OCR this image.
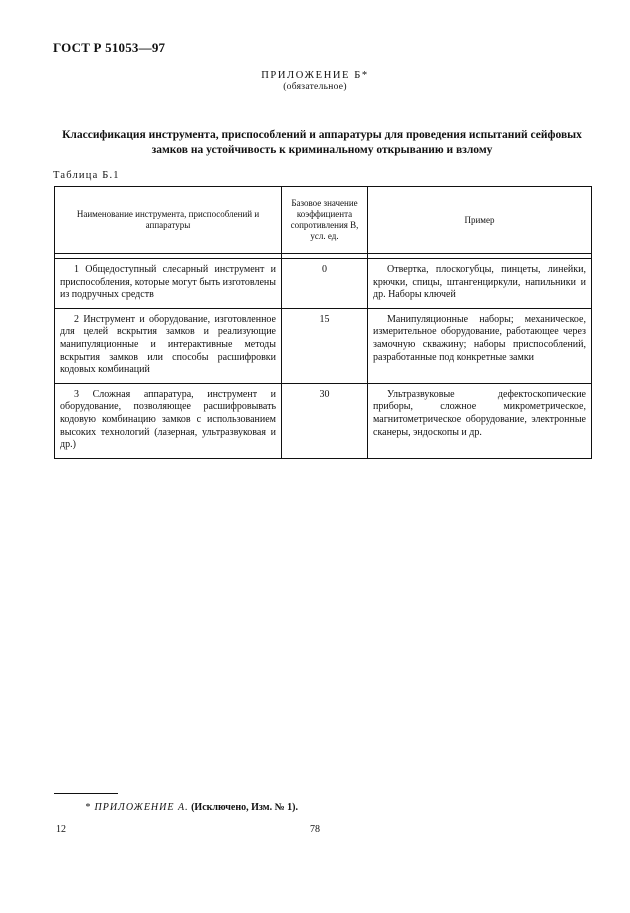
ГОСТ Р 51053—97
ПРИЛОЖЕНИЕ Б*
(обязательное)
Классификация инструмента, приспособлений и аппаратуры для проведения испытаний сейфовых замков на устойчивость к криминальному открыванию и взлому
Таблица Б.1
Наименование инструмента, приспособлений и аппаратуры	Базовое значение коэффициента сопротивления В, усл. ед.	Пример

1 Общедоступный слесарный инструмент и приспособления, которые могут быть изготовлены из подручных средств	0	Отвертка, плоскогубцы, пинцеты, линейки, крючки, спицы, штангенциркули, напильники и др. Наборы ключей
2 Инструмент и оборудование, изготовленное для целей вскрытия замков и реализующие манипуляционные и интерактивные методы вскрытия замков или способы расшифровки кодовых комбинаций	15	Манипуляционные наборы; механическое, измерительное оборудование, работающее через замочную скважину; наборы приспособлений, разработанные под конкретные замки
3 Сложная аппаратура, инструмент и оборудование, позволяющее расшифровывать кодовую комбинацию замков с использованием высоких технологий (лазерная, ультразвуковая и др.)	30	Ультразвуковые дефектоскопические приборы, сложное микрометрическое, магнитометрическое оборудование, электронные сканеры, эндоскопы и др.
* ПРИЛОЖЕНИЕ А. (Исключено, Изм. № 1).
12	78
